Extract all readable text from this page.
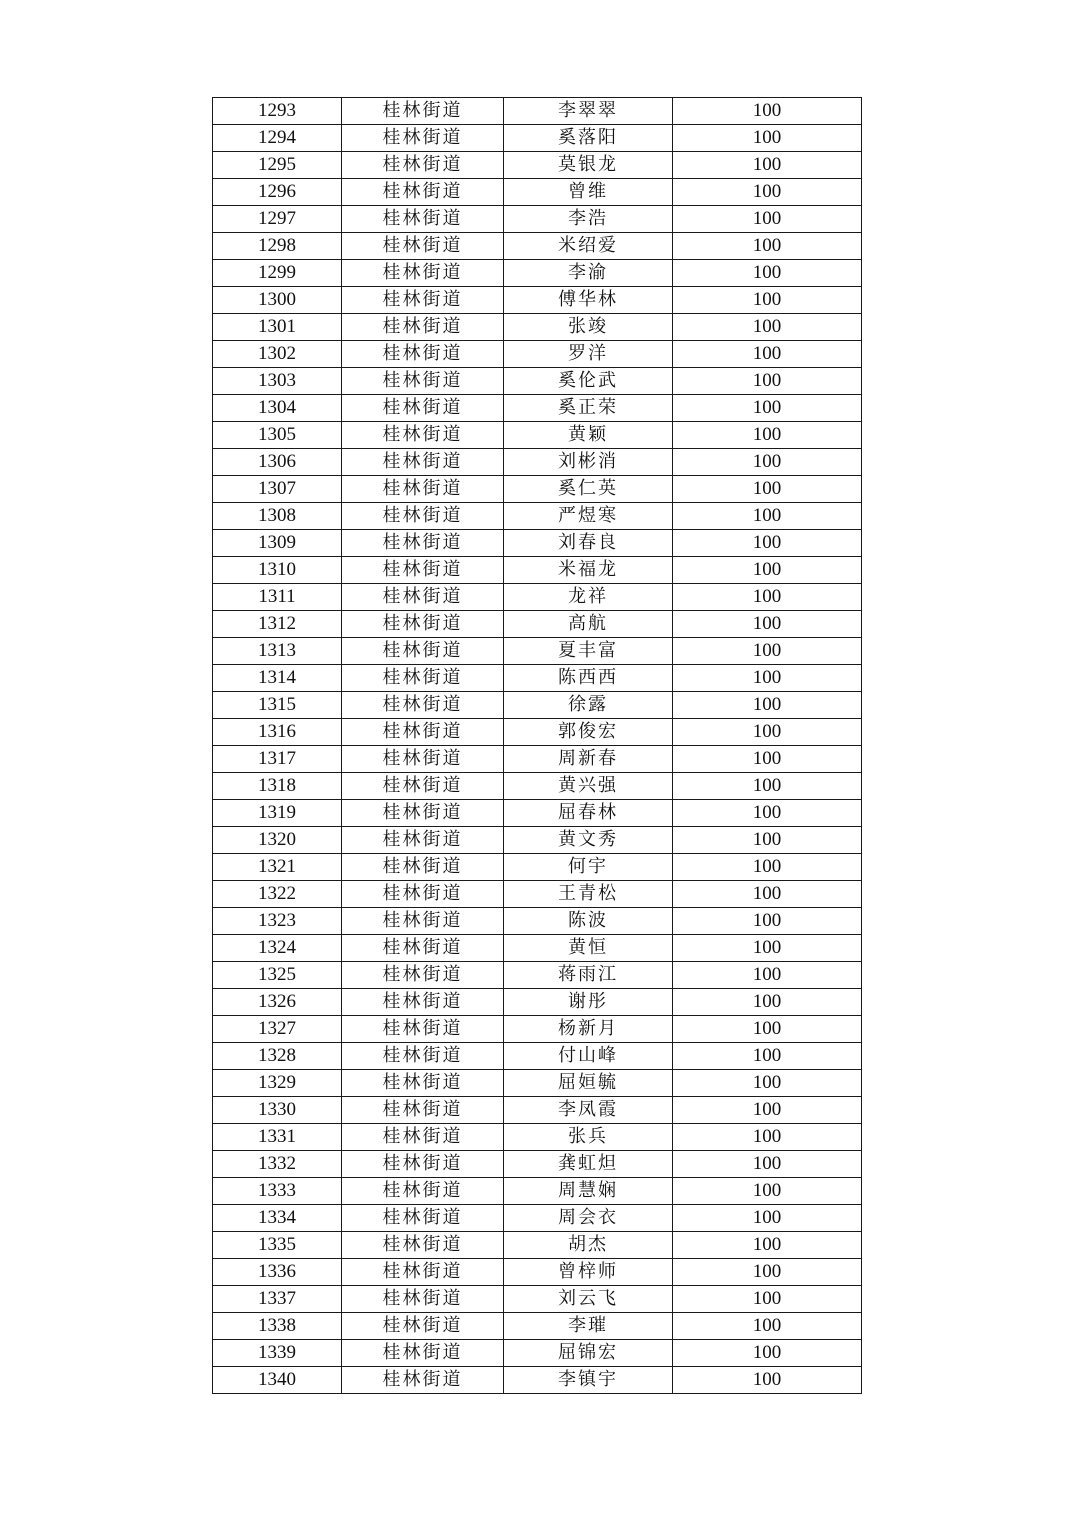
1293	桂林街道	李翠翠	100
1294	桂林街道	奚落阳	100
1295	桂林街道	莫银龙	100
1296	桂林街道	曾维	100
1297	桂林街道	李浩	100
1298	桂林街道	米绍爱	100
1299	桂林街道	李渝	100
1300	桂林街道	傅华林	100
1301	桂林街道	张竣	100
1302	桂林街道	罗洋	100
1303	桂林街道	奚伦武	100
1304	桂林街道	奚正荣	100
1305	桂林街道	黄颖	100
1306	桂林街道	刘彬消	100
1307	桂林街道	奚仁英	100
1308	桂林街道	严煜寒	100
1309	桂林街道	刘春良	100
1310	桂林街道	米福龙	100
1311	桂林街道	龙祥	100
1312	桂林街道	高航	100
1313	桂林街道	夏丰富	100
1314	桂林街道	陈西西	100
1315	桂林街道	徐露	100
1316	桂林街道	郭俊宏	100
1317	桂林街道	周新春	100
1318	桂林街道	黄兴强	100
1319	桂林街道	屈春林	100
1320	桂林街道	黄文秀	100
1321	桂林街道	何宇	100
1322	桂林街道	王青松	100
1323	桂林街道	陈波	100
1324	桂林街道	黄恒	100
1325	桂林街道	蒋雨江	100
1326	桂林街道	谢彤	100
1327	桂林街道	杨新月	100
1328	桂林街道	付山峰	100
1329	桂林街道	屈姮毓	100
1330	桂林街道	李凤霞	100
1331	桂林街道	张兵	100
1332	桂林街道	龚虹炟	100
1333	桂林街道	周慧娴	100
1334	桂林街道	周会衣	100
1335	桂林街道	胡杰	100
1336	桂林街道	曾梓师	100
1337	桂林街道	刘云飞	100
1338	桂林街道	李璀	100
1339	桂林街道	屈锦宏	100
1340	桂林街道	李镇宇	100
